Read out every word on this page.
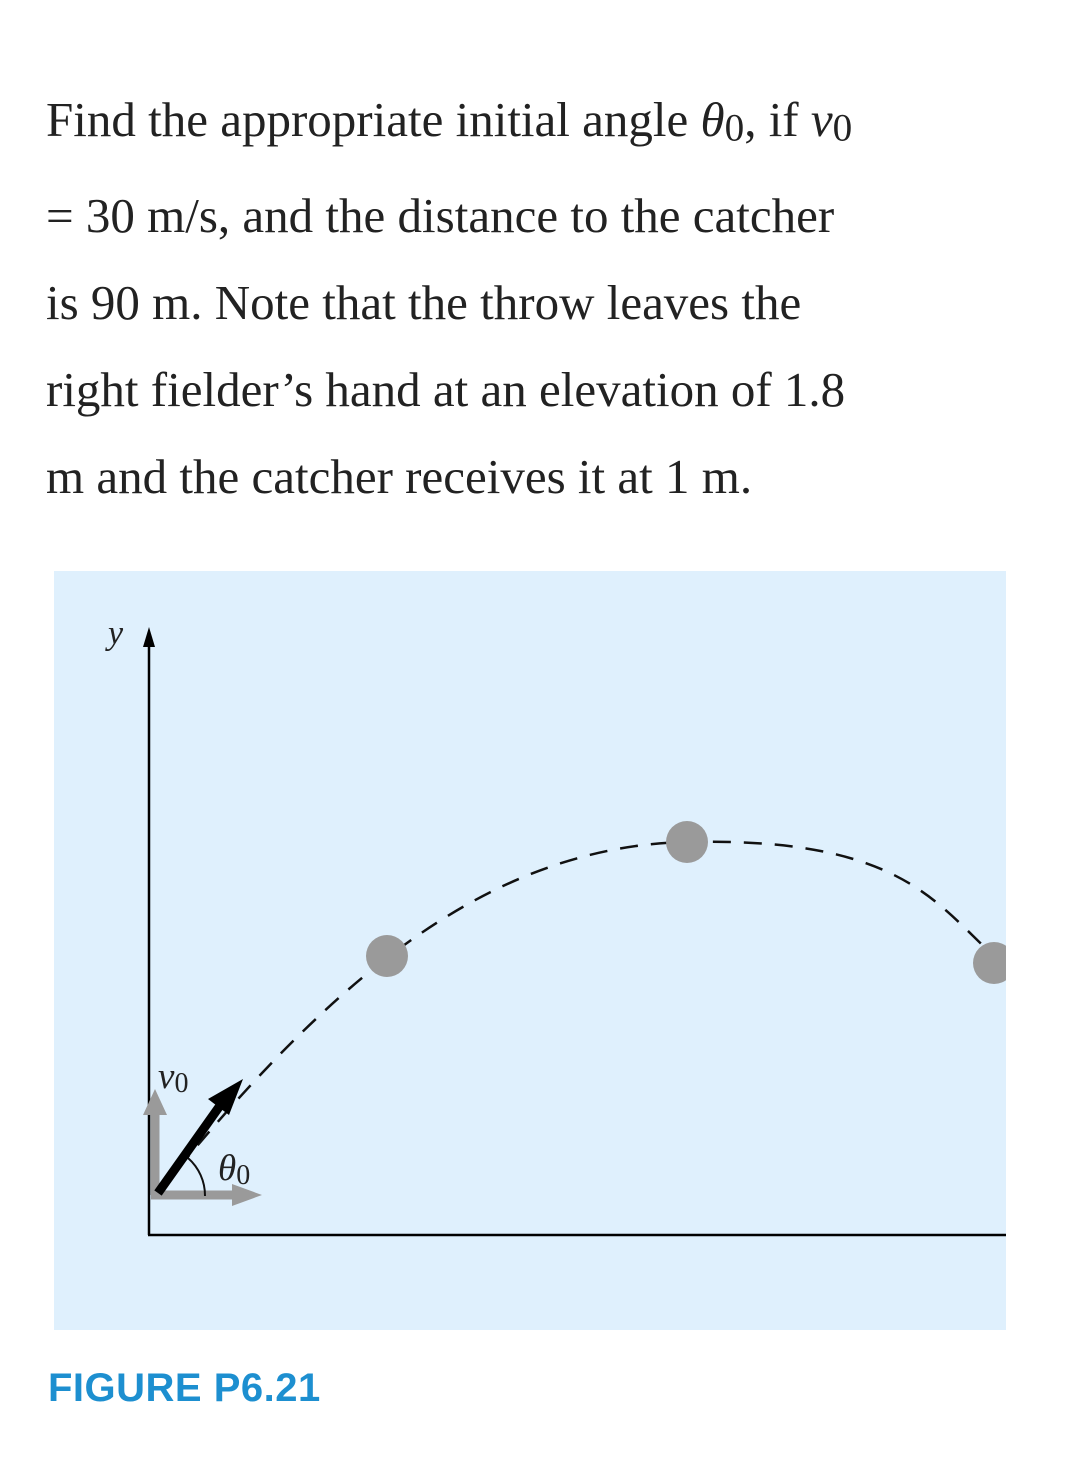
Find the appropriate initial angle θ0, if v0
= 30 m/s, and the distance to the catcher
is 90 m. Note that the throw leaves the
right fielder’s hand at an elevation of 1.8
m and the catcher receives it at 1 m.
y
v0
θ0

FIGURE P6.21
